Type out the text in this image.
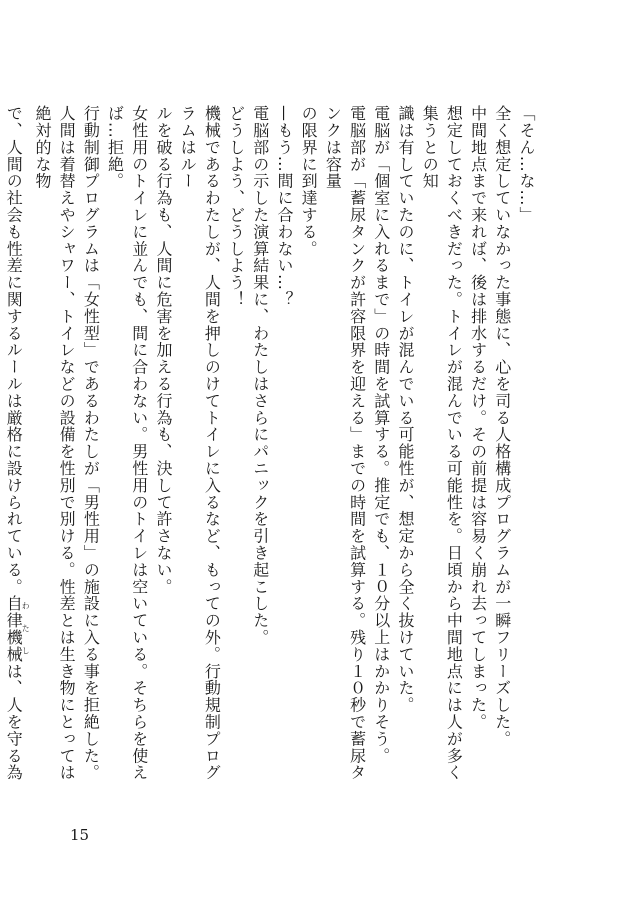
「そん…な…」
全く想定していなかった事態に、心を司る人格構成プログラムが一瞬フリーズした。
中間地点まで来れば、後は排水するだけ。その前提は容易く崩れ去ってしまった。
想定しておくべきだった。トイレが混んでいる可能性を。日頃から中間地点には人が多く集うとの知
識は有していたのに、トイレが混んでいる可能性が、想定から全く抜けていた。
電脳が「個室に入れるまで」の時間を試算する。推定でも、１０分以上はかかりそう。
電脳部が「蓄尿タンクが許容限界を迎える」までの時間を試算する。残り１０秒で蓄尿タンクは容量
の限界に到達する。
—もう…間に合わない…？
電脳部の示した演算結果に、わたしはさらにパニックを引き起こした。
どうしよう、どうしよう！
機械であるわたしが、人間を押しのけてトイレに入るなど、もっての外。行動規制プログラムはルー
ルを破る行為も、人間に危害を加える行為も、決して許さない。
女性用のトイレに並んでも、間に合わない。男性用のトイレは空いている。そちらを使えば…拒絶。
行動制御プログラムは「女性型」であるわたしが「男性用」の施設に入る事を拒絶した。
人間は着替えやシャワー、トイレなどの設備を性別で別ける。性差とは生き物にとっては絶対的な物
で、人間の社会も性差に関するルールは厳格に設けられている。自律機械わたしは、人を守る為
15
